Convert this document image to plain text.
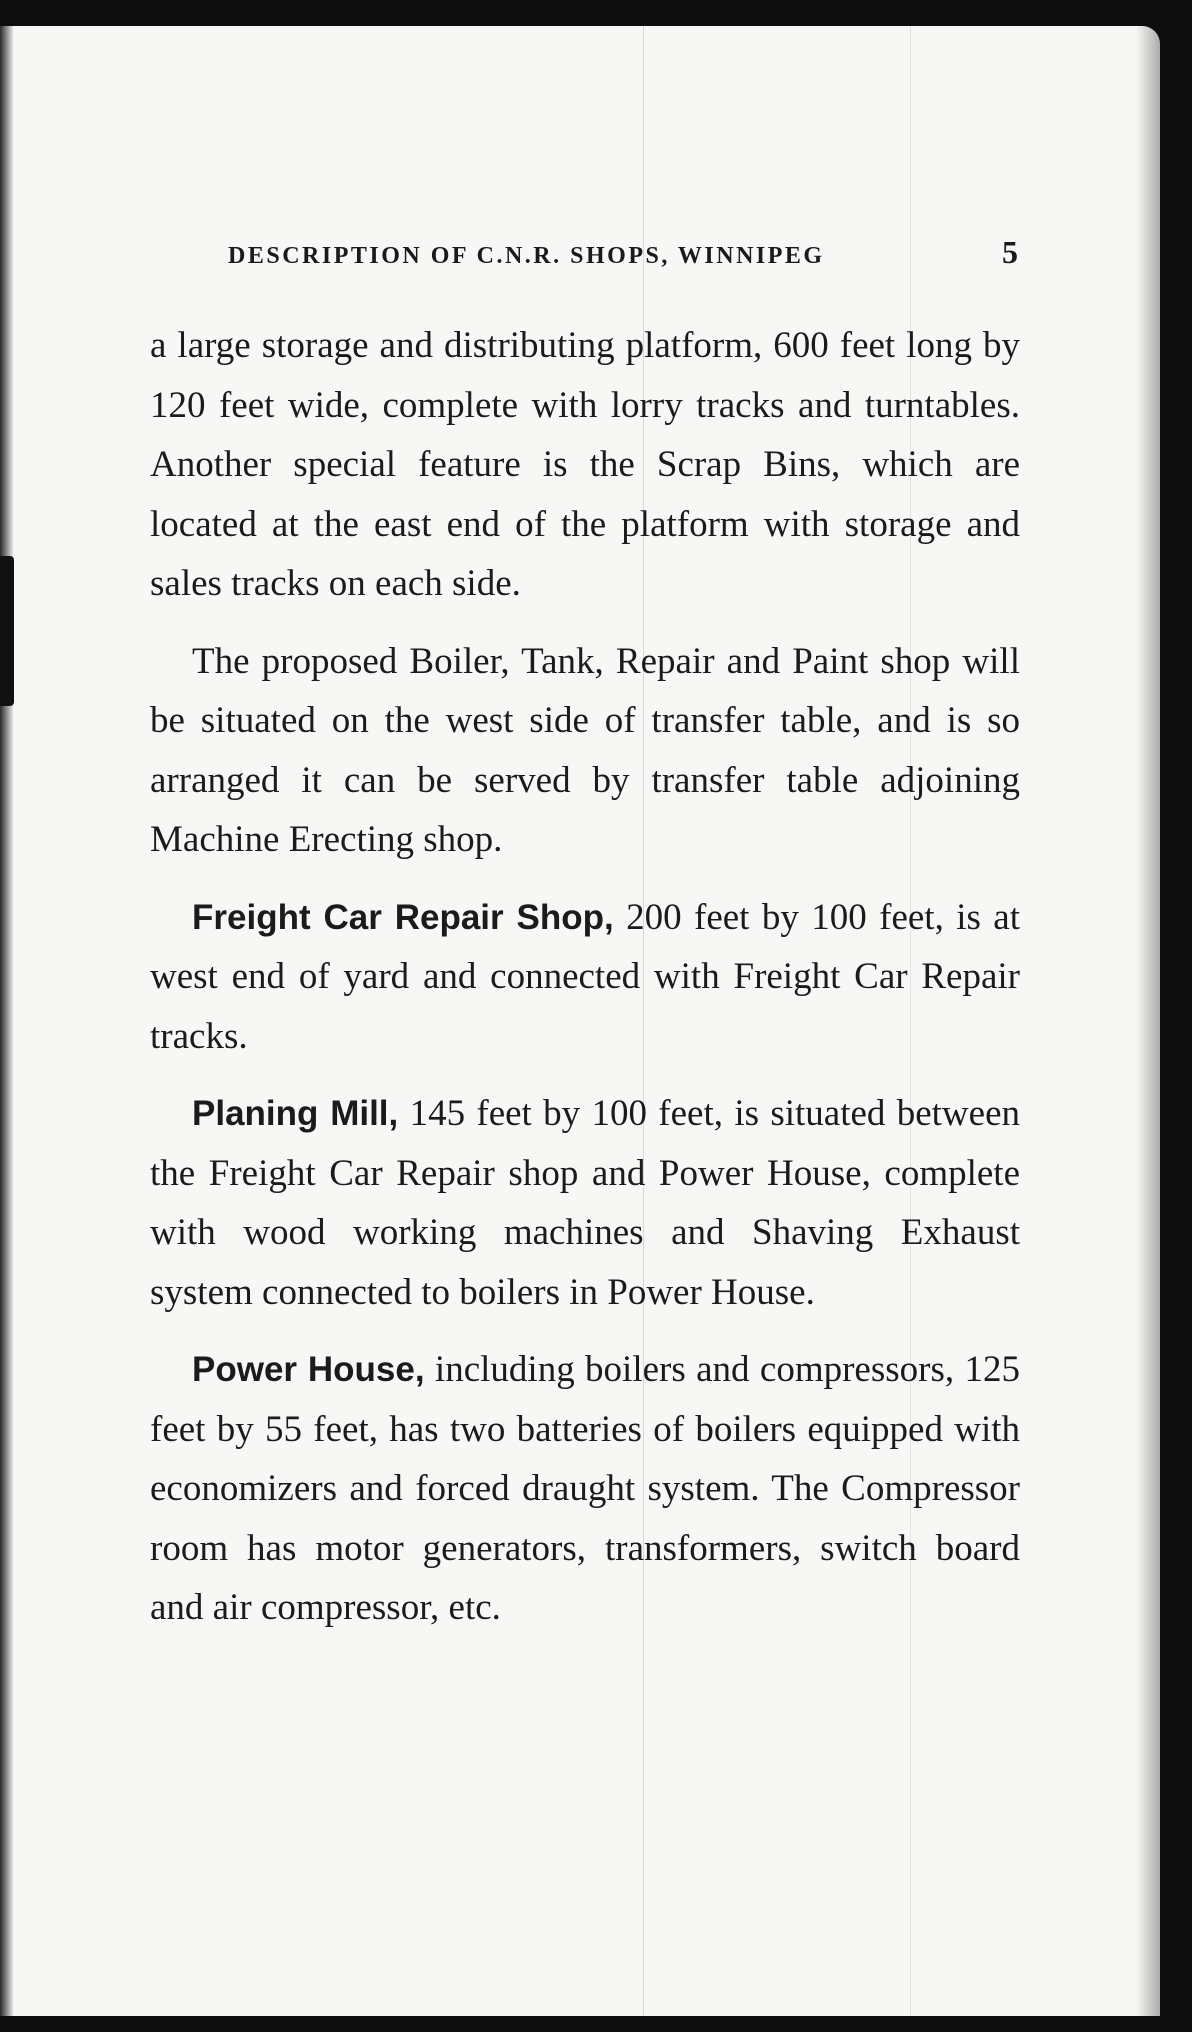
DESCRIPTION OF C.N.R. SHOPS, WINNIPEG	5

a large storage and distributing platform, 600 feet long by 120 feet wide, complete with lorry tracks and turntables. Another special feature is the Scrap Bins, which are located at the east end of the platform with storage and sales tracks on each side.

The proposed Boiler, Tank, Repair and Paint shop will be situated on the west side of transfer table, and is so arranged it can be served by transfer table adjoining Machine Erecting shop.

Freight Car Repair Shop, 200 feet by 100 feet, is at west end of yard and connected with Freight Car Repair tracks.

Planing Mill, 145 feet by 100 feet, is situated between the Freight Car Repair shop and Power House, complete with wood working machines and Shaving Exhaust system connected to boilers in Power House.

Power House, including boilers and compressors, 125 feet by 55 feet, has two batteries of boilers equipped with economizers and forced draught system. The Compressor room has motor generators, transformers, switch board and air compressor, etc.
